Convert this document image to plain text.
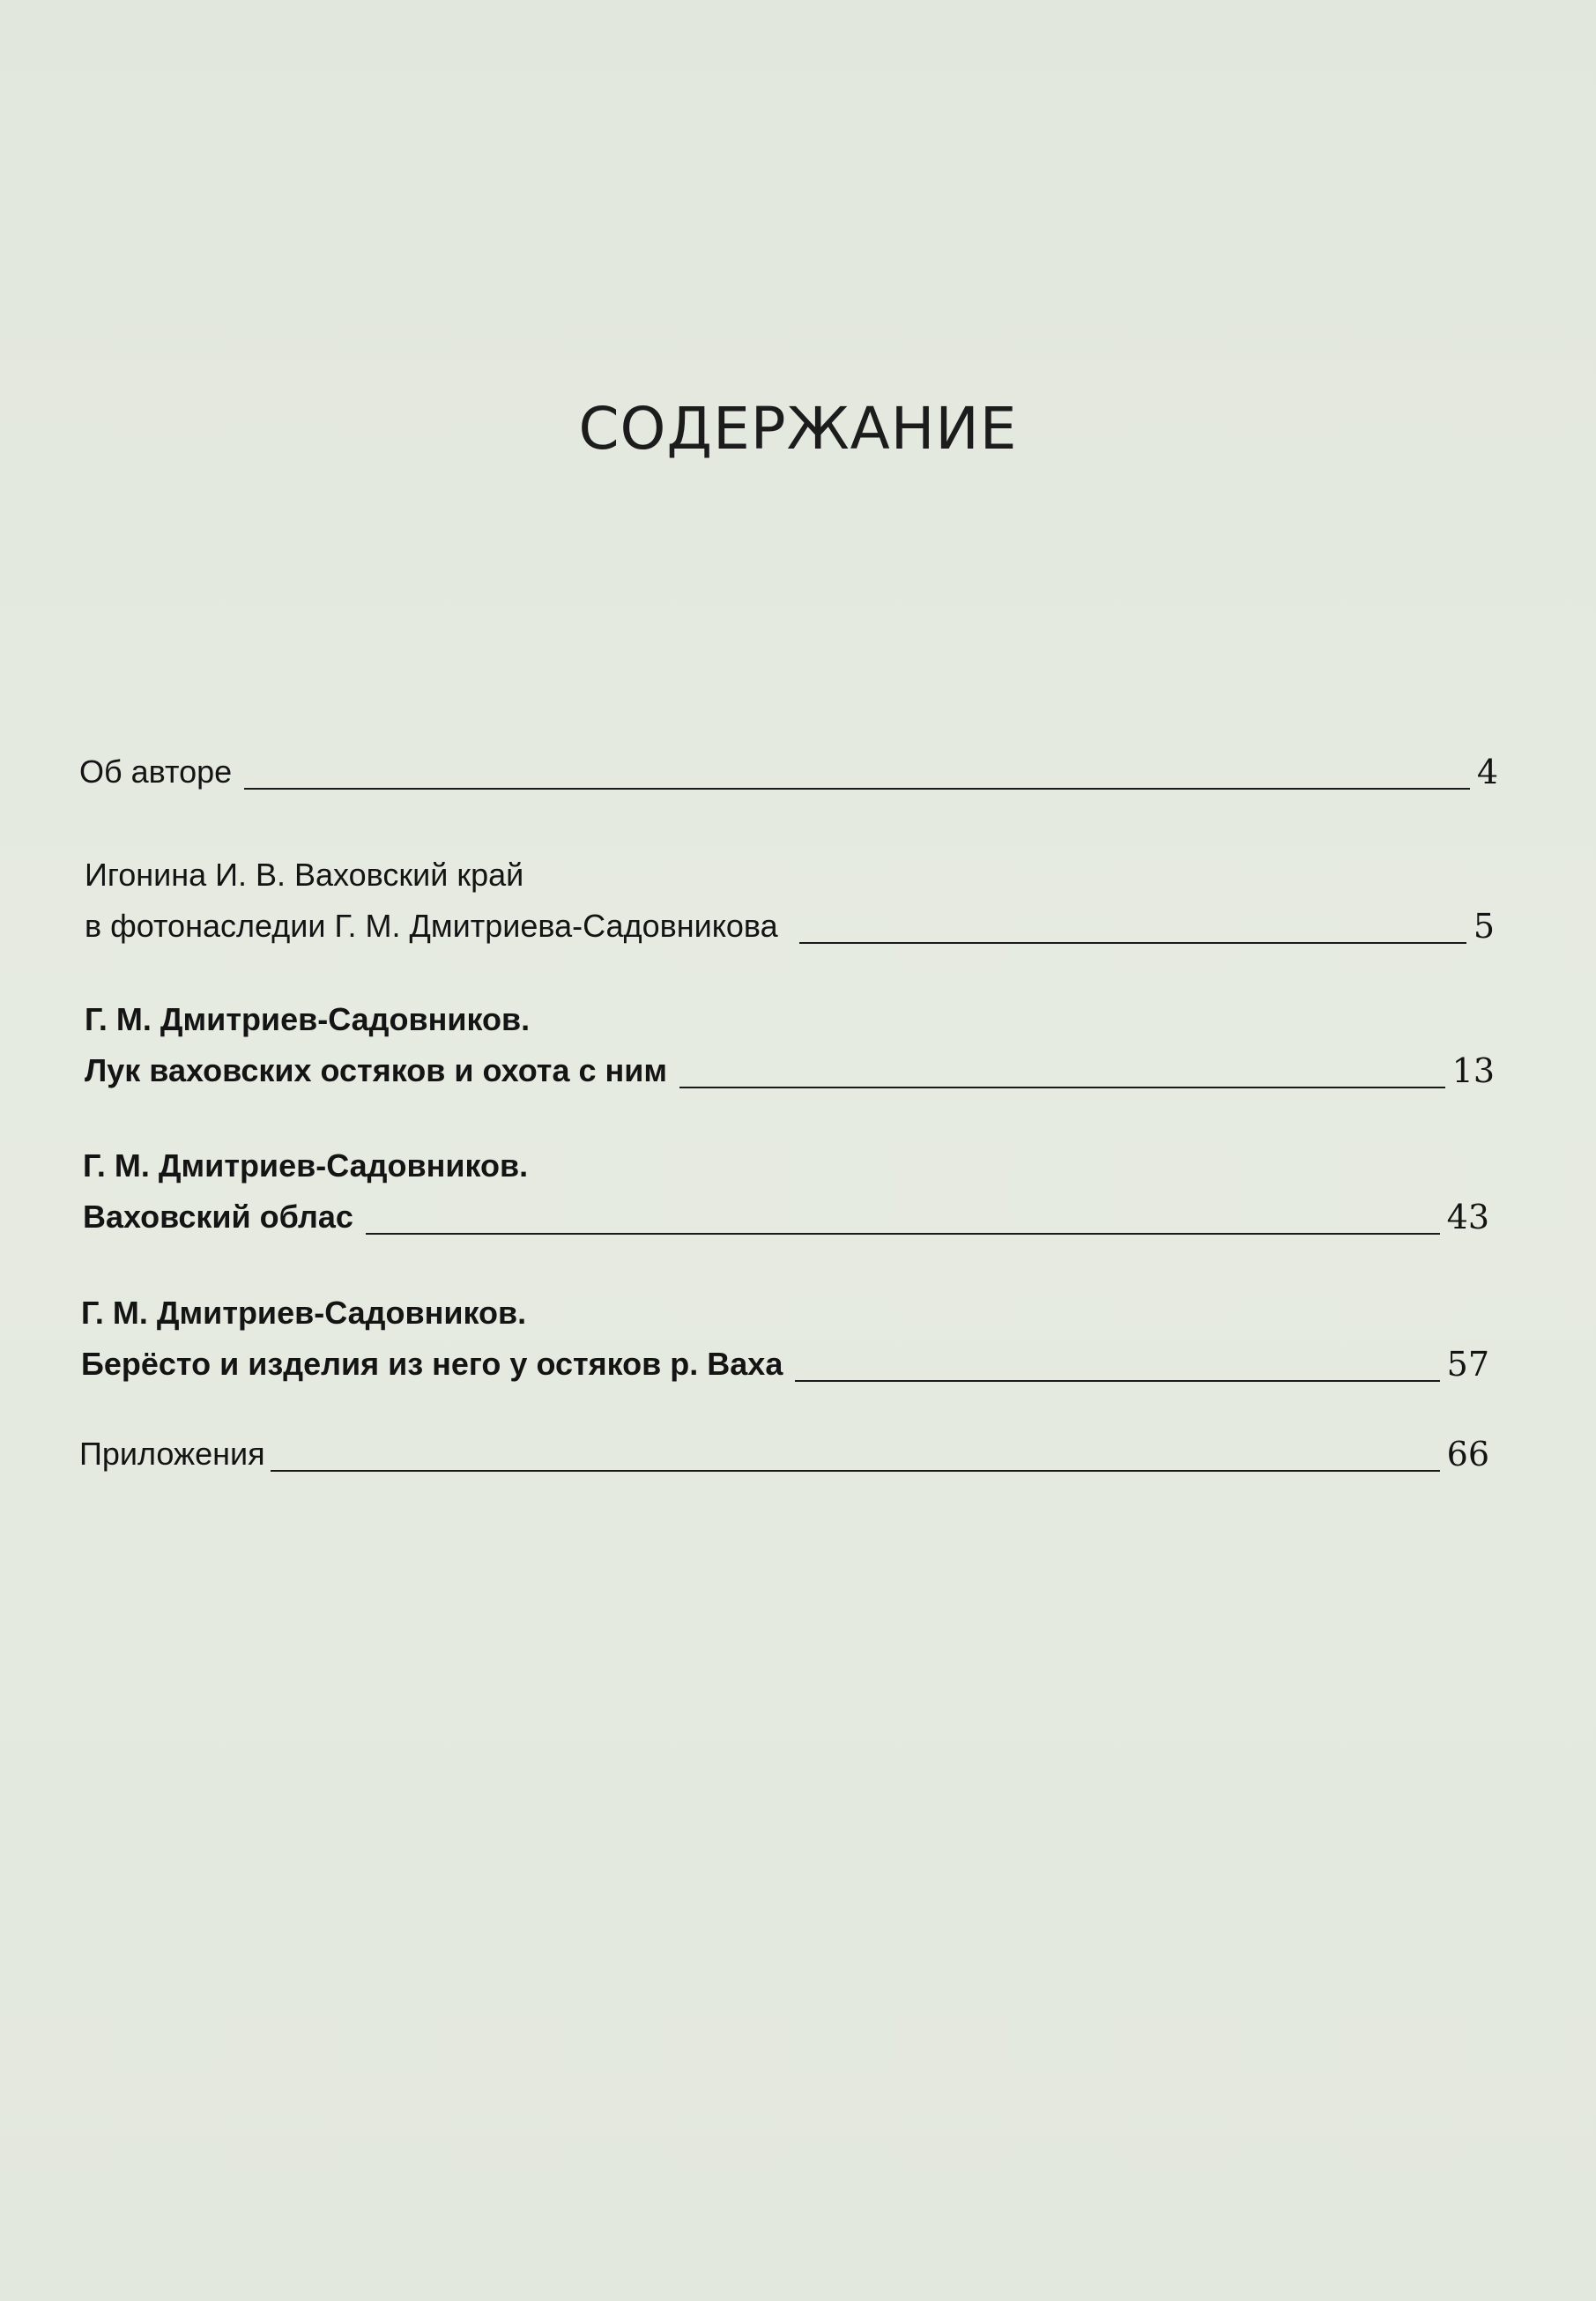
СОДЕРЖАНИЕ
Об авторе	4
Игонина И. В. Ваховский край
в фотонаследии Г. М. Дмитриева-Садовникова	5
Г. М. Дмитриев-Садовников.
Лук ваховских остяков и охота с ним	13
Г. М. Дмитриев-Садовников.
Ваховский облас	43
Г. М. Дмитриев-Садовников.
Берёсто и изделия из него у остяков р. Ваха	57
Приложения	66
